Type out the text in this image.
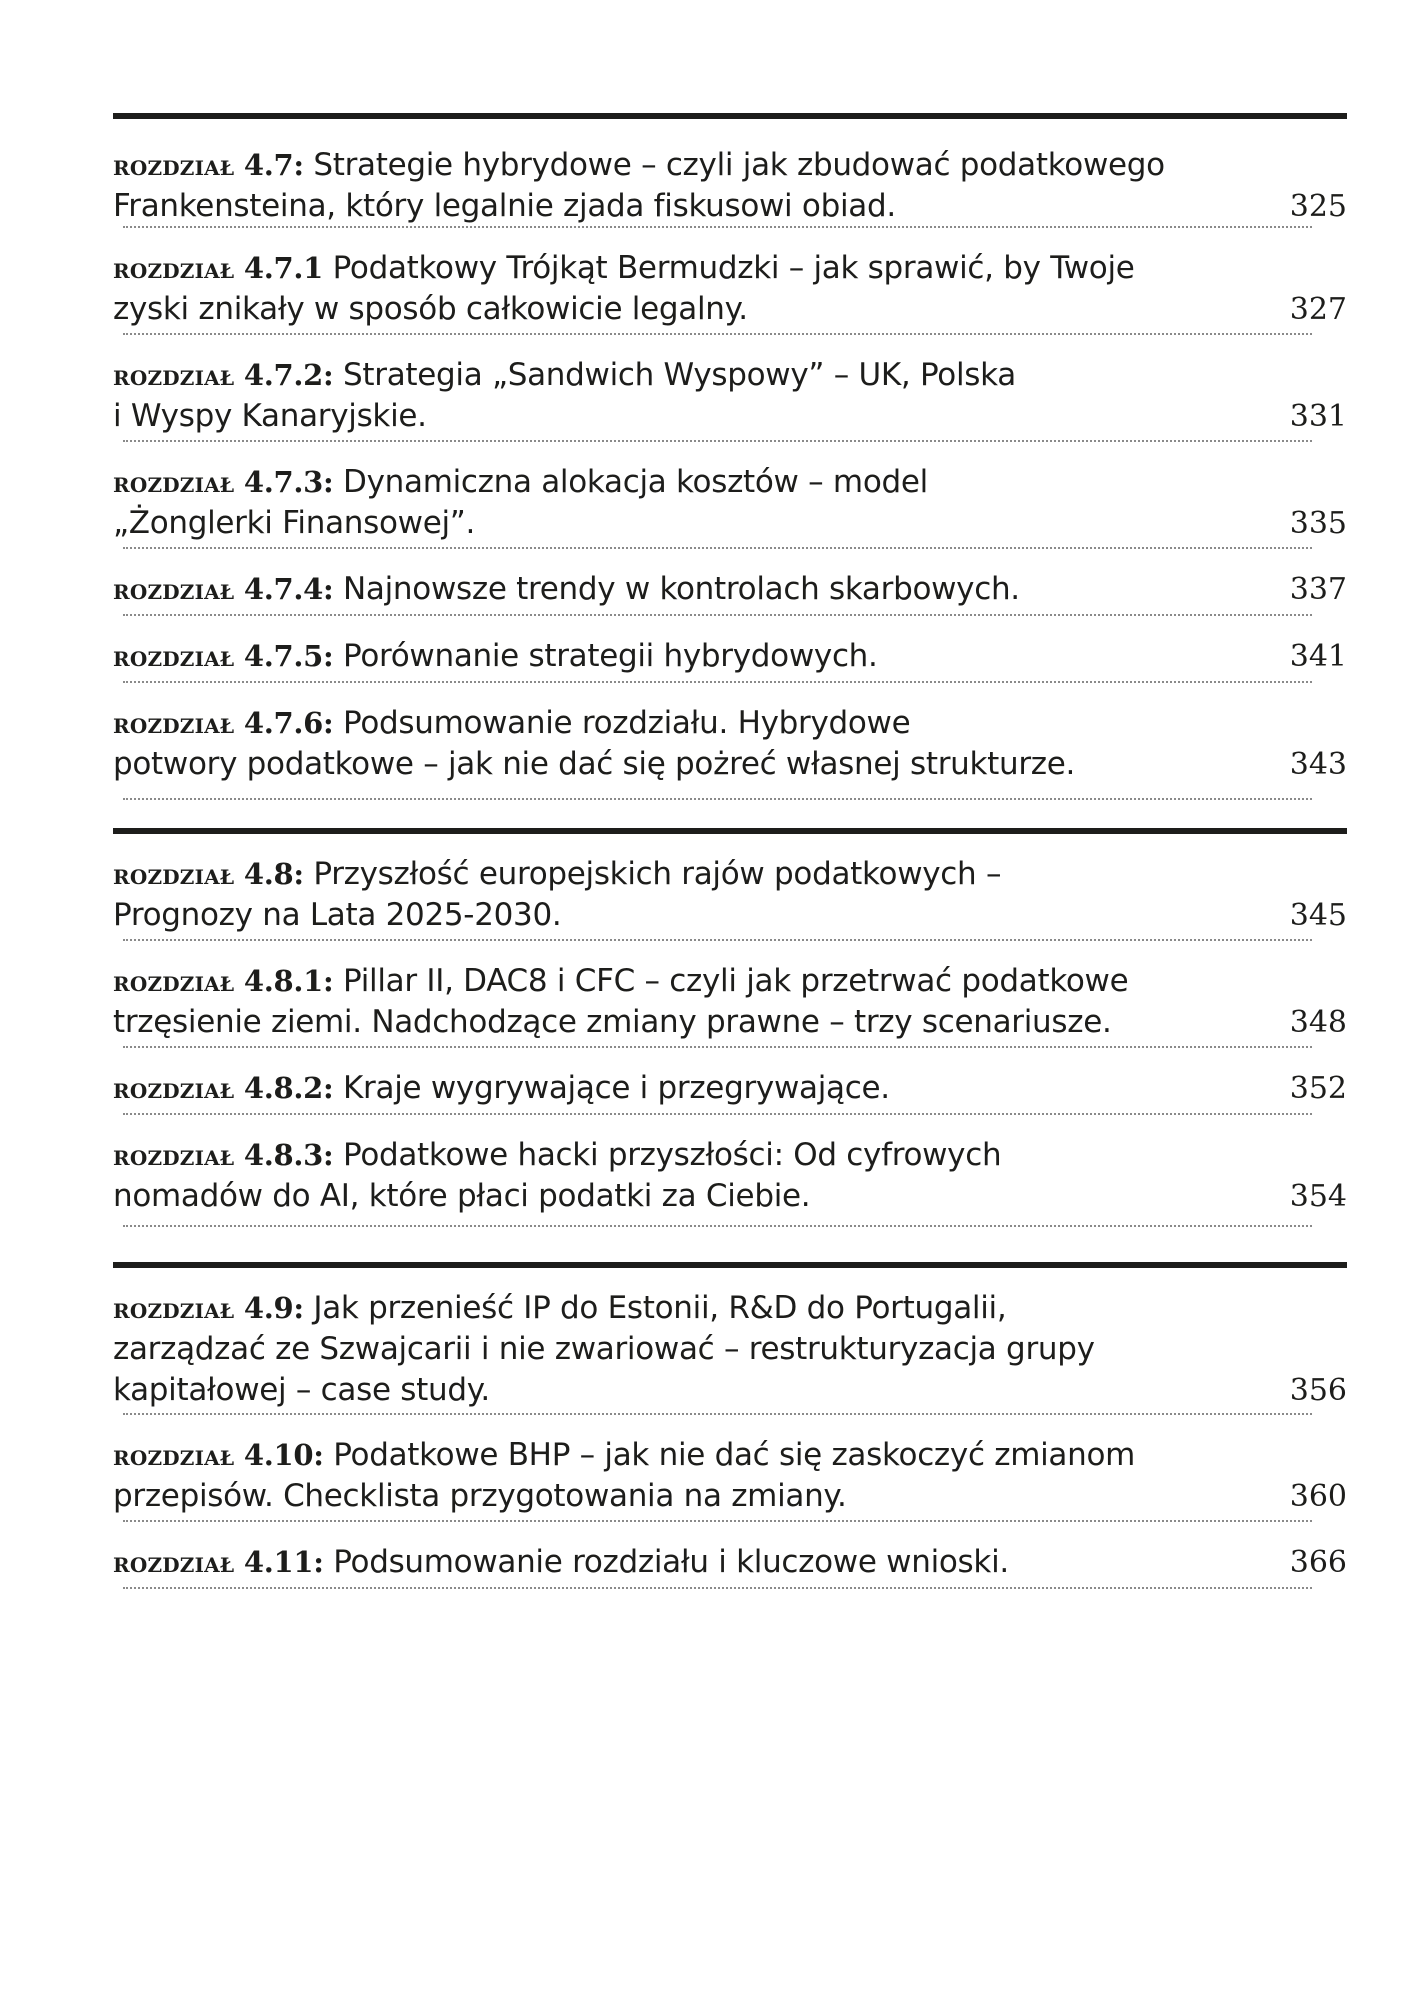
rozdział 4.7: Strategie hybrydowe – czyli jak zbudować podatkowego
Frankensteina, który legalnie zjada fiskusowi obiad.	325
rozdział 4.7.1 Podatkowy Trójkąt Bermudzki – jak sprawić, by Twoje
zyski znikały w sposób całkowicie legalny.	327
rozdział 4.7.2: Strategia „Sandwich Wyspowy” – UK, Polska
i Wyspy Kanaryjskie.	331
rozdział 4.7.3: Dynamiczna alokacja kosztów – model
„Żonglerki Finansowej”.	335
rozdział 4.7.4: Najnowsze trendy w kontrolach skarbowych.	337
rozdział 4.7.5: Porównanie strategii hybrydowych.	341
rozdział 4.7.6: Podsumowanie rozdziału. Hybrydowe
potwory podatkowe – jak nie dać się pożreć własnej strukturze.	343
rozdział 4.8: Przyszłość europejskich rajów podatkowych –
Prognozy na Lata 2025-2030.	345
rozdział 4.8.1: Pillar II, DAC8 i CFC – czyli jak przetrwać podatkowe
trzęsienie ziemi. Nadchodzące zmiany prawne – trzy scenariusze.	348
rozdział 4.8.2: Kraje wygrywające i przegrywające.	352
rozdział 4.8.3: Podatkowe hacki przyszłości: Od cyfrowych
nomadów do AI, które płaci podatki za Ciebie.	354
rozdział 4.9: Jak przenieść IP do Estonii, R&D do Portugalii,
zarządzać ze Szwajcarii i nie zwariować – restrukturyzacja grupy
kapitałowej – case study.	356
rozdział 4.10: Podatkowe BHP – jak nie dać się zaskoczyć zmianom
przepisów. Checklista przygotowania na zmiany.	360
rozdział 4.11: Podsumowanie rozdziału i kluczowe wnioski.	366
